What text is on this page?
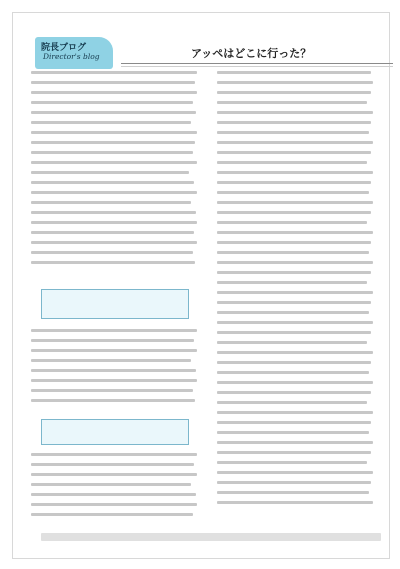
院長ブログ
Director's blog	アッペはどこに行った？
